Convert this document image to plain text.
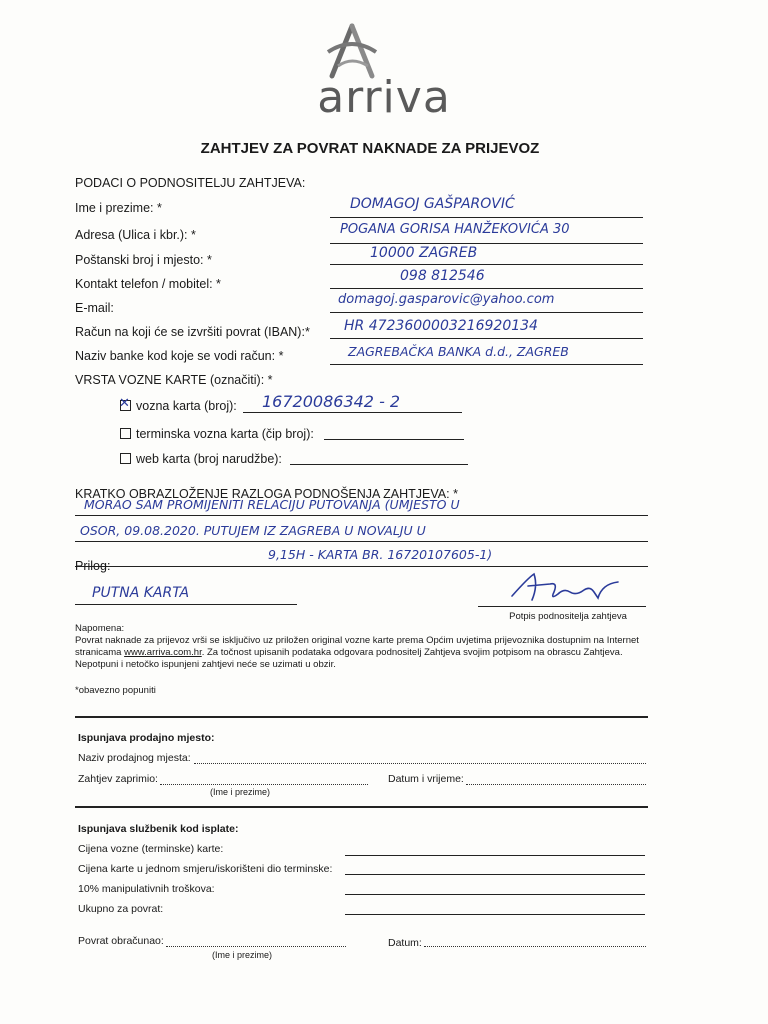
arriva
ZAHTJEV ZA POVRAT NAKNADE ZA PRIJEVOZ
PODACI O PODNOSITELJU ZAHTJEVA:
Ime i prezime: *	DOMAGOJ GAŠPAROVIĆ
Adresa (Ulica i kbr.): *	POGANA GORISA HANŽEKOVIĆA 30
Poštanski broj i mjesto: *	10000 ZAGREB
Kontakt telefon / mobitel: *	098 812546
E-mail:
domagoj.gasparovic@yahoo.com
Račun na koji će se izvršiti povrat (IBAN):* HR 4723600003216920134
Naziv banke kod koje se vodi račun: *	ZAGREBAČKA BANKA d.d., ZAGREB
VRSTA VOZNE KARTE (označiti): *
✕vozna karta (broj): 16720086342 - 2
terminska vozna karta (čip broj):
web karta (broj narudžbe):
KRATKO OBRAZLOŽENJE RAZLOGA PODNOŠENJA ZAHTJEVA: *
MORAO SAM PROMIJENITI RELACIJU PUTOVANJA (UMJESTO U
OSOR, 09.08.2020. PUTUJEM IZ ZAGREBA U NOVALJU U
9,15H - KARTA BR. 16720107605-1)
Prilog:
PUTNA KARTA
Potpis podnositelja zahtjeva
Napomena:
Povrat naknade za prijevoz vrši se isključivo uz priložen original vozne karte prema Općim uvjetima prijevoznika dostupnim na Internet
stranicama www.arriva.com.hr. Za točnost upisanih podataka odgovara podnositelj Zahtjeva svojim potpisom na obrascu Zahtjeva.
Nepotpuni i netočko ispunjeni zahtjevi neće se uzimati u obzir.
*obavezno popuniti
Ispunjava prodajno mjesto:
Naziv prodajnog mjesta:
Zahtjev zaprimio:
(Ime i prezime)
Datum i vrijeme:
Ispunjava službenik kod isplate:
Cijena vozne (terminske) karte:
Cijena karte u jednom smjeru/iskorišteni dio terminske:
10% manipulativnih troškova:
Ukupno za povrat:
Povrat obračunao:
(Ime i prezime)
Datum:
